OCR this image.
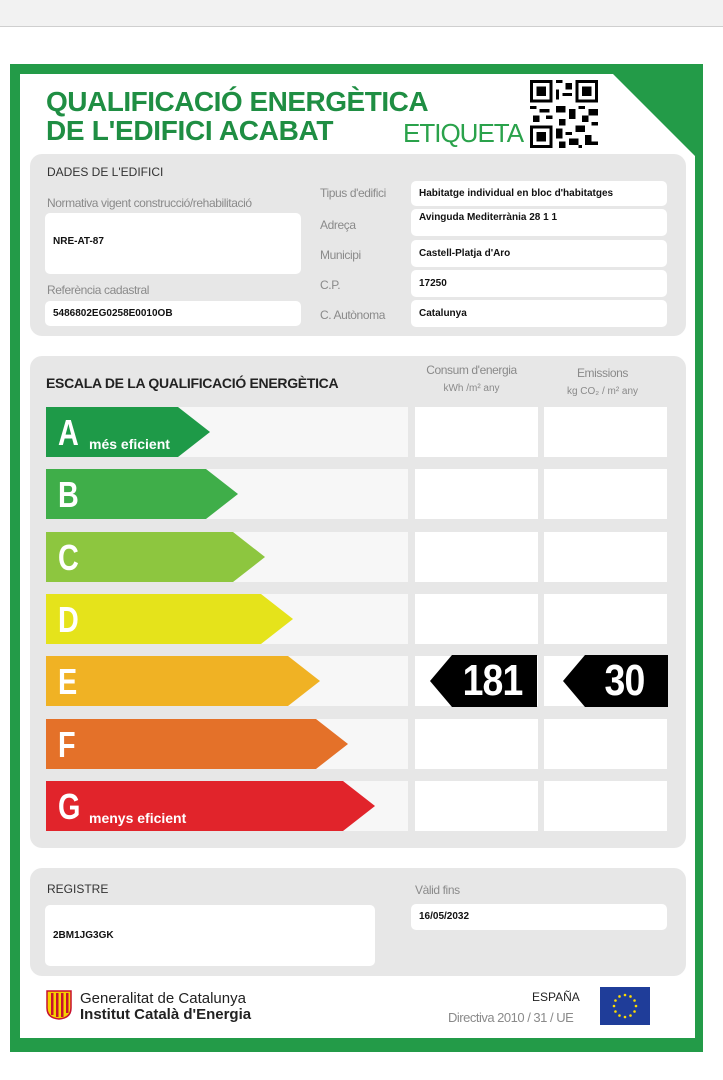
QUALIFICACIÓ ENERGÈTICA
DE L'EDIFICI ACABAT	ETIQUETA
DADES DE L'EDIFICI
Normativa vigent construcció/rehabilitació
NRE-AT-87
Referència cadastral
5486802EG0258E0010OB
Tipus d'edifici	Habitatge individual en bloc d'habitatges
Adreça
Avinguda Mediterrània 28 1 1
Municipi	Castell-Platja d'Aro
C.P.	17250
C. Autònoma	Catalunya
ESCALA DE LA QUALIFICACIÓ ENERGÈTICA
Consum d'energia
kWh /m² any
Emissions
kg CO₂ / m² any
A més eficient
B
C
D
E	181	30
F
G menys eficient
REGISTRE
2BM1JG3GK
Vàlid fins
16/05/2032
Generalitat de Catalunya
Institut Català d'Energia
ESPAÑA
Directiva 2010 / 31 / UE
